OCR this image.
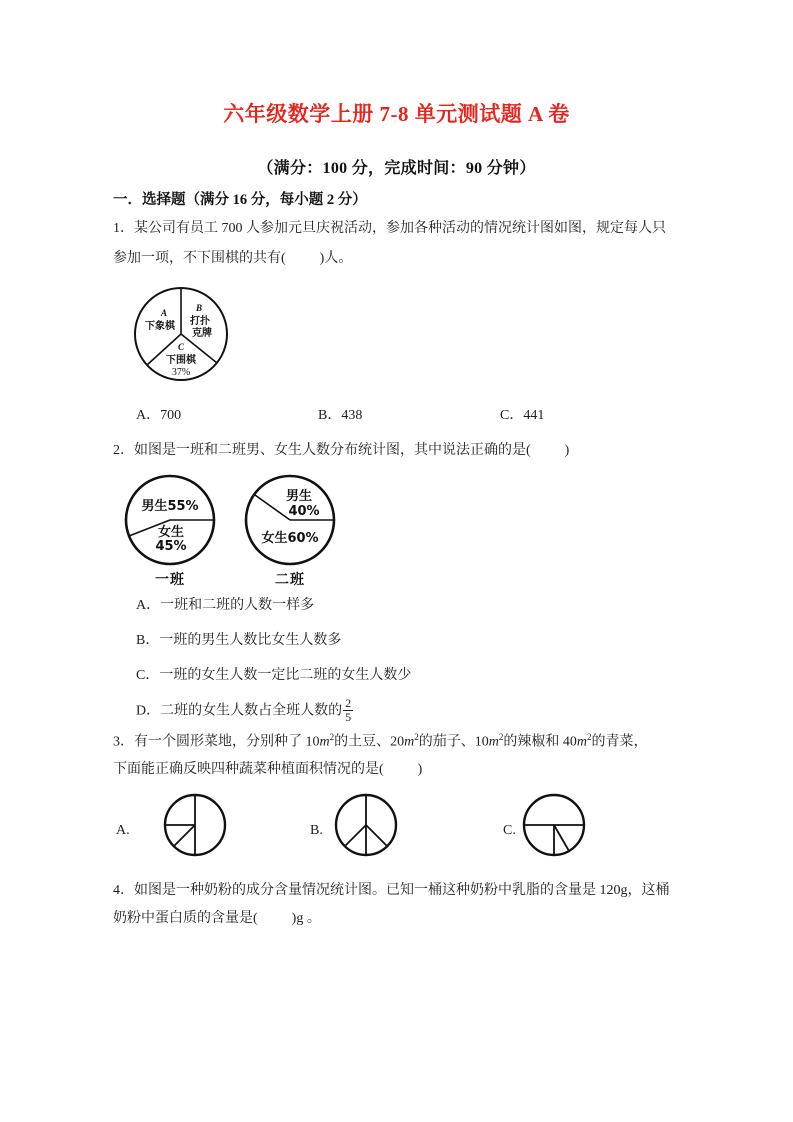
六年级数学上册 7-8 单元测试题 A 卷
（满分：100 分，完成时间：90 分钟）
一．选择题（满分 16 分，每小题 2 分）
1．某公司有员工 700 人参加元旦庆祝活动，参加各种活动的情况统计图如图，规定每人只
参加一项，不下围棋的共有( )人。
A
下象棋
B
打扑
克牌
C
下围棋
37%
A．700	B．438	C．441
2．如图是一班和二班男、女生人数分布统计图，其中说法正确的是( )
男生55%
女生
45%
一班
男生
40%
女生60%
二班
A．一班和二班的人数一样多
B．一班的男生人数比女生人数多
C．一班的女生人数一定比二班的女生人数少
D．二班的女生人数占全班人数的 $\frac{2}{5}$
3．有一个圆形菜地，分别种了 $10m^2$的土豆、$20m^2$的茄子、$10m^2$的辣椒和 $40m^2$的青菜，
下面能正确反映四种蔬菜种植面积情况的是( )
A.	B.	C.
4．如图是一种奶粉的成分含量情况统计图。已知一桶这种奶粉中乳脂的含量是 120g，这桶
奶粉中蛋白质的含量是( )g 。
